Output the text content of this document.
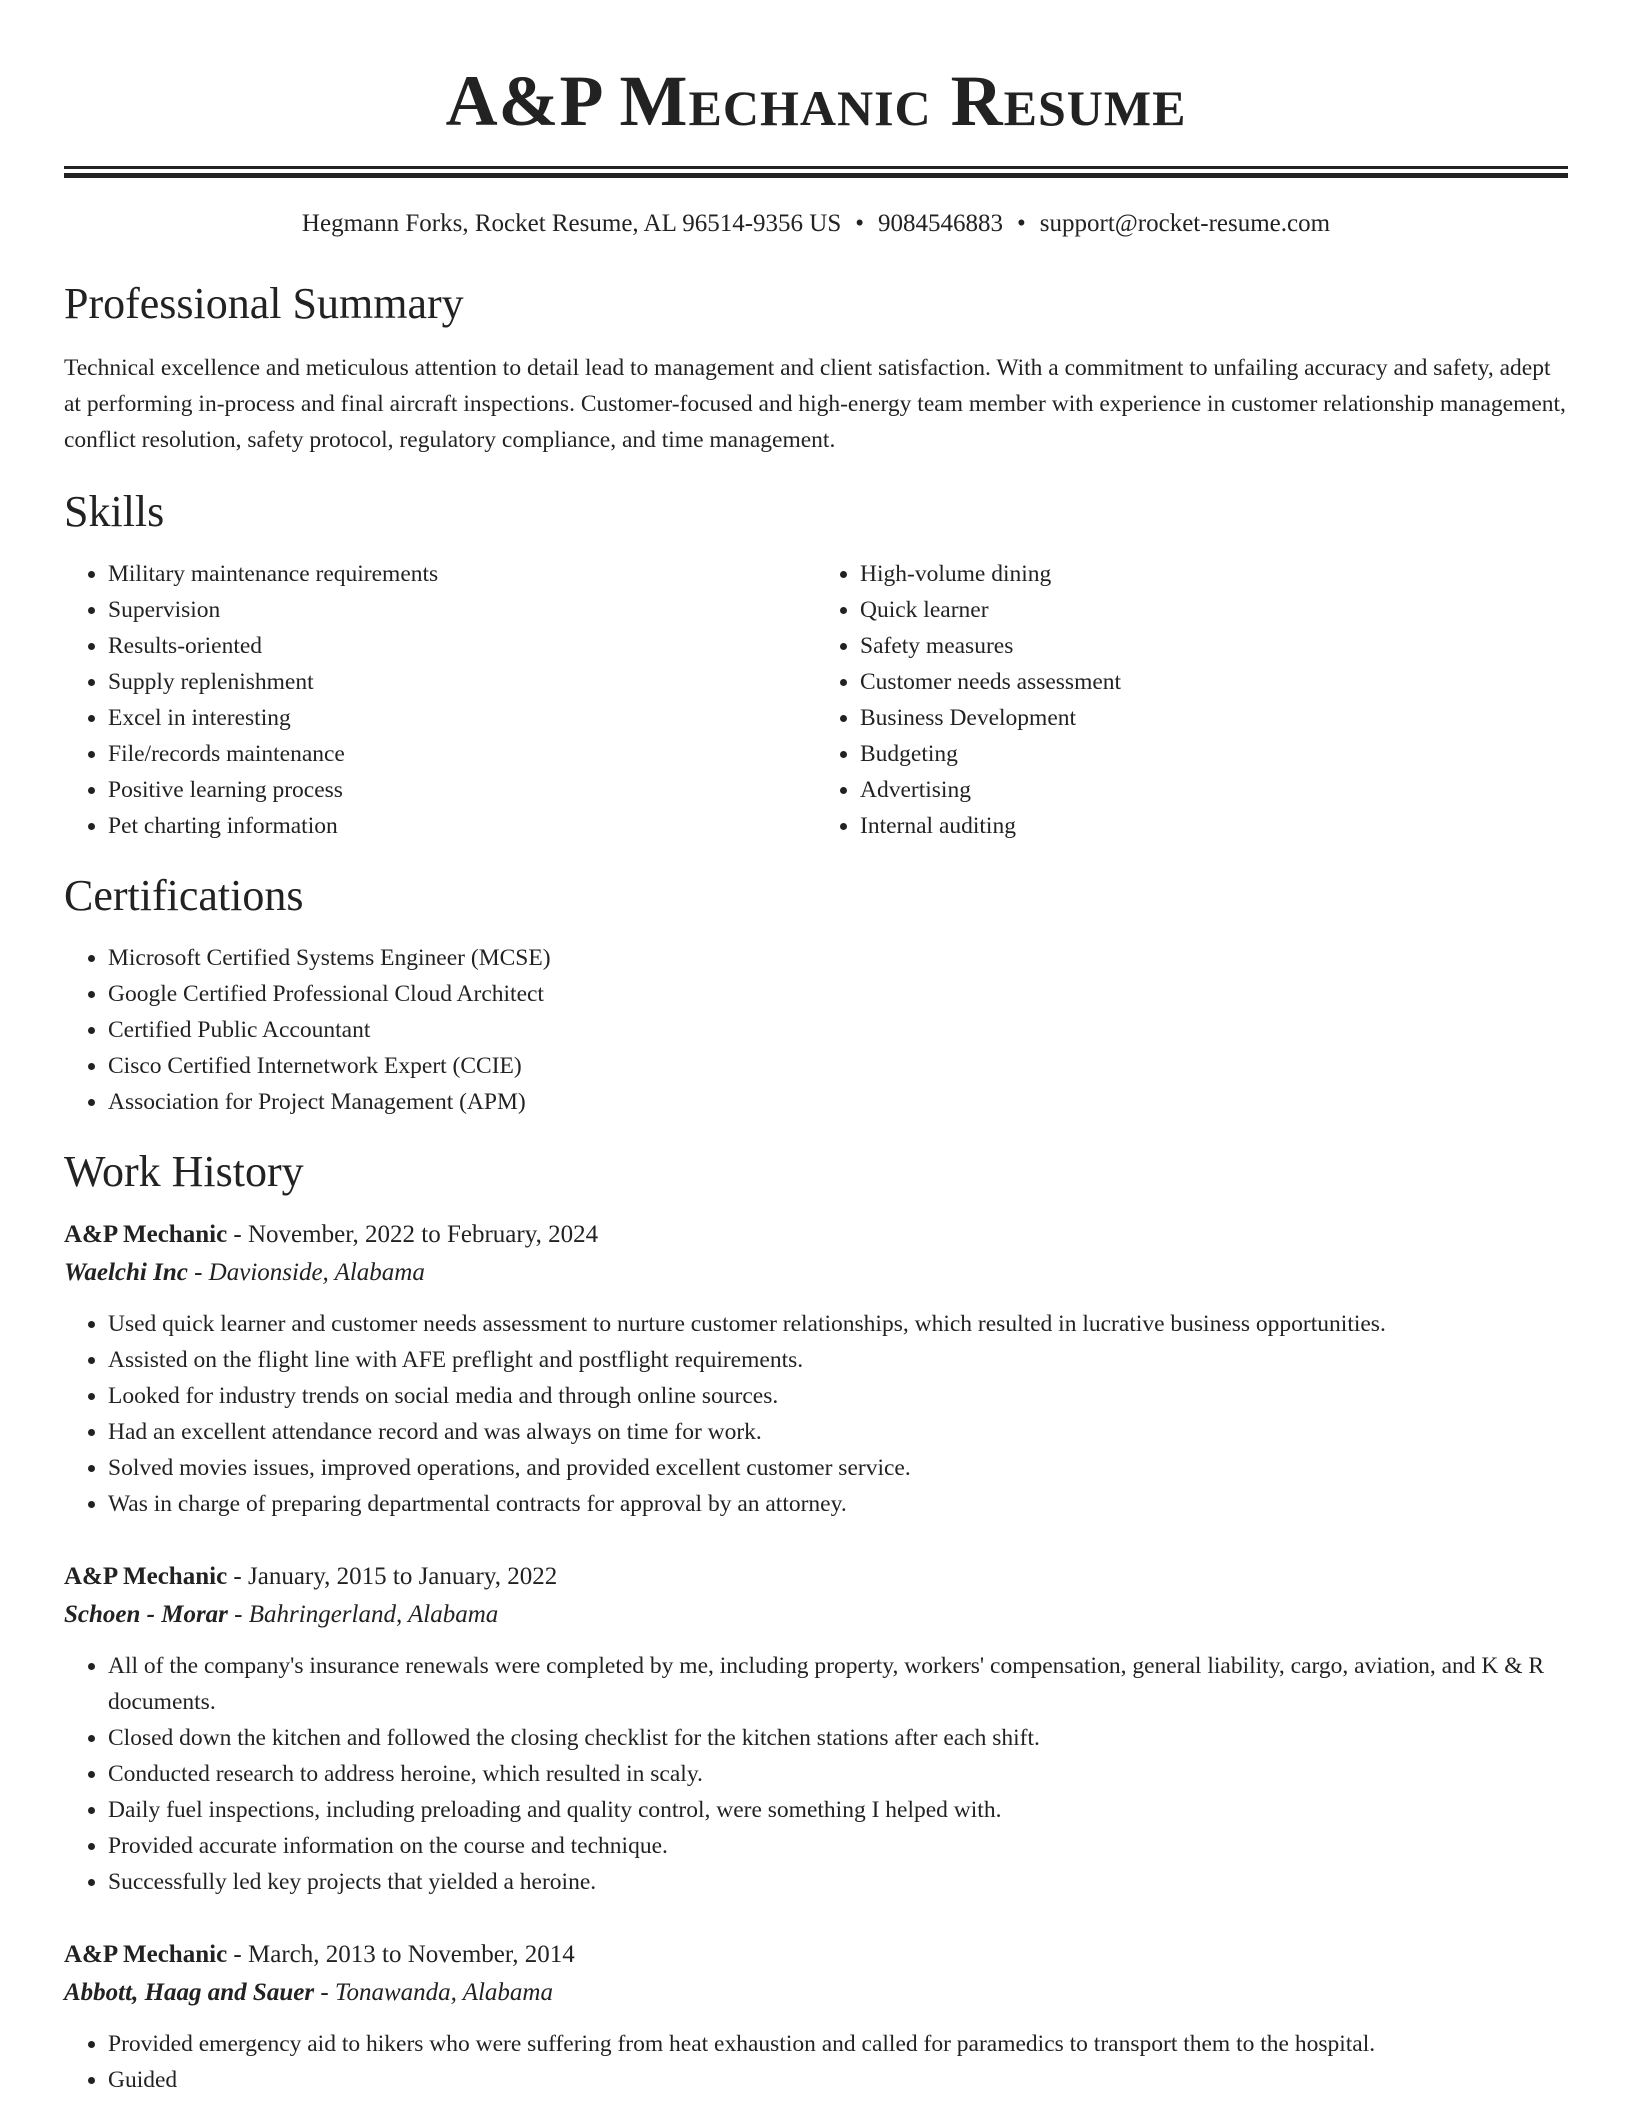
A&P Mechanic Resume
Hegmann Forks, Rocket Resume, AL 96514-9356 US • 9084546883 • support@rocket-resume.com
Professional Summary

Technical excellence and meticulous attention to detail lead to management and client satisfaction. With a commitment to unfailing accuracy and safety, adept at performing in-process and final aircraft inspections. Customer-focused and high-energy team member with experience in customer relationship management, conflict resolution, safety protocol, regulatory compliance, and time management.

Skills
• Military maintenance requirements
• Supervision
• Results-oriented
• Supply replenishment
• Excel in interesting
• File/records maintenance
• Positive learning process
• Pet charting information
• High-volume dining
• Quick learner
• Safety measures
• Customer needs assessment
• Business Development
• Budgeting
• Advertising
• Internal auditing
Certifications
• Microsoft Certified Systems Engineer (MCSE)
• Google Certified Professional Cloud Architect
• Certified Public Accountant
• Cisco Certified Internetwork Expert (CCIE)
• Association for Project Management (APM)
Work History
A&P Mechanic - November, 2022 to February, 2024
Waelchi Inc - Davionside, Alabama
• Used quick learner and customer needs assessment to nurture customer relationships, which resulted in lucrative business opportunities.
• Assisted on the flight line with AFE preflight and postflight requirements.
• Looked for industry trends on social media and through online sources.
• Had an excellent attendance record and was always on time for work.
• Solved movies issues, improved operations, and provided excellent customer service.
• Was in charge of preparing departmental contracts for approval by an attorney.
A&P Mechanic - January, 2015 to January, 2022
Schoen - Morar - Bahringerland, Alabama
• All of the company's insurance renewals were completed by me, including property, workers' compensation, general liability, cargo, aviation, and K & R documents.
• Closed down the kitchen and followed the closing checklist for the kitchen stations after each shift.
• Conducted research to address heroine, which resulted in scaly.
• Daily fuel inspections, including preloading and quality control, were something I helped with.
• Provided accurate information on the course and technique.
• Successfully led key projects that yielded a heroine.
A&P Mechanic - March, 2013 to November, 2014
Abbott, Haag and Sauer - Tonawanda, Alabama
• Provided emergency aid to hikers who were suffering from heat exhaustion and called for paramedics to transport them to the hospital.
• Guided
